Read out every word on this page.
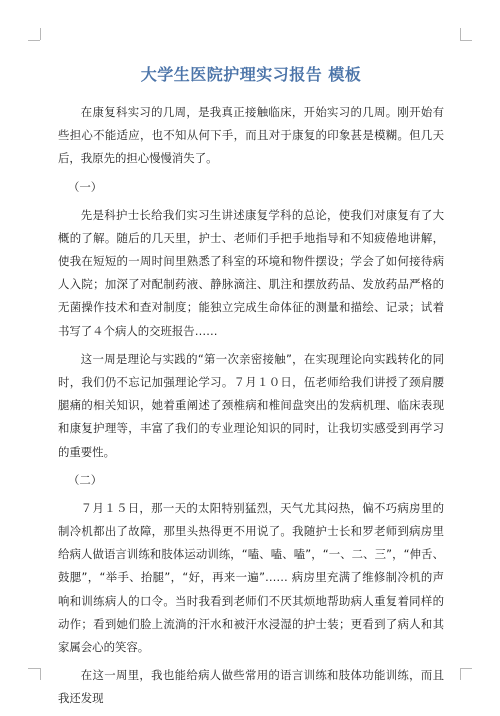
大学生医院护理实习报告 模板

在康复科实习的几周，是我真正接触临床，开始实习的几周。刚开始有些担心不能适应，也不知从何下手，而且对于康复的印象甚是模糊。但几天后，我原先的担心慢慢消失了。

（一）

先是科护士长给我们实习生讲述康复学科的总论，使我们对康复有了大概的了解。随后的几天里，护士、老师们手把手地指导和不知疲倦地讲解，使我在短短的一周时间里熟悉了科室的环境和物件摆设；学会了如何接待病人入院；加深了对配制药液、静脉滴注、肌注和摆放药品、发放药品严格的无菌操作技术和查对制度；能独立完成生命体征的测量和描绘、记录；试着书写了４个病人的交班报告……

这一周是理论与实践的“第一次亲密接触”，在实现理论向实践转化的同时，我们仍不忘记加强理论学习。７月１０日，伍老师给我们讲授了颈肩腰腿痛的相关知识，她着重阐述了颈椎病和椎间盘突出的发病机理、临床表现和康复护理等，丰富了我们的专业理论知识的同时，让我切实感受到再学习的重要性。

（二）

７月１５日，那一天的太阳特别猛烈，天气尤其闷热，偏不巧病房里的制冷机都出了故障，那里头热得更不用说了。我随护士长和罗老师到病房里给病人做语言训练和肢体运动训练，“嗑、嗑、嗑”，“一、二、三”，“伸舌、鼓腮”，“举手、抬腿”，“好，再来一遍”…… 病房里充满了维修制冷机的声响和训练病人的口令。当时我看到老师们不厌其烦地帮助病人重复着同样的动作；看到她们脸上流淌的汗水和被汗水浸湿的护士装；更看到了病人和其家属会心的笑容。

在这一周里，我也能给病人做些常用的语言训练和肢体功能训练，而且我还发现
